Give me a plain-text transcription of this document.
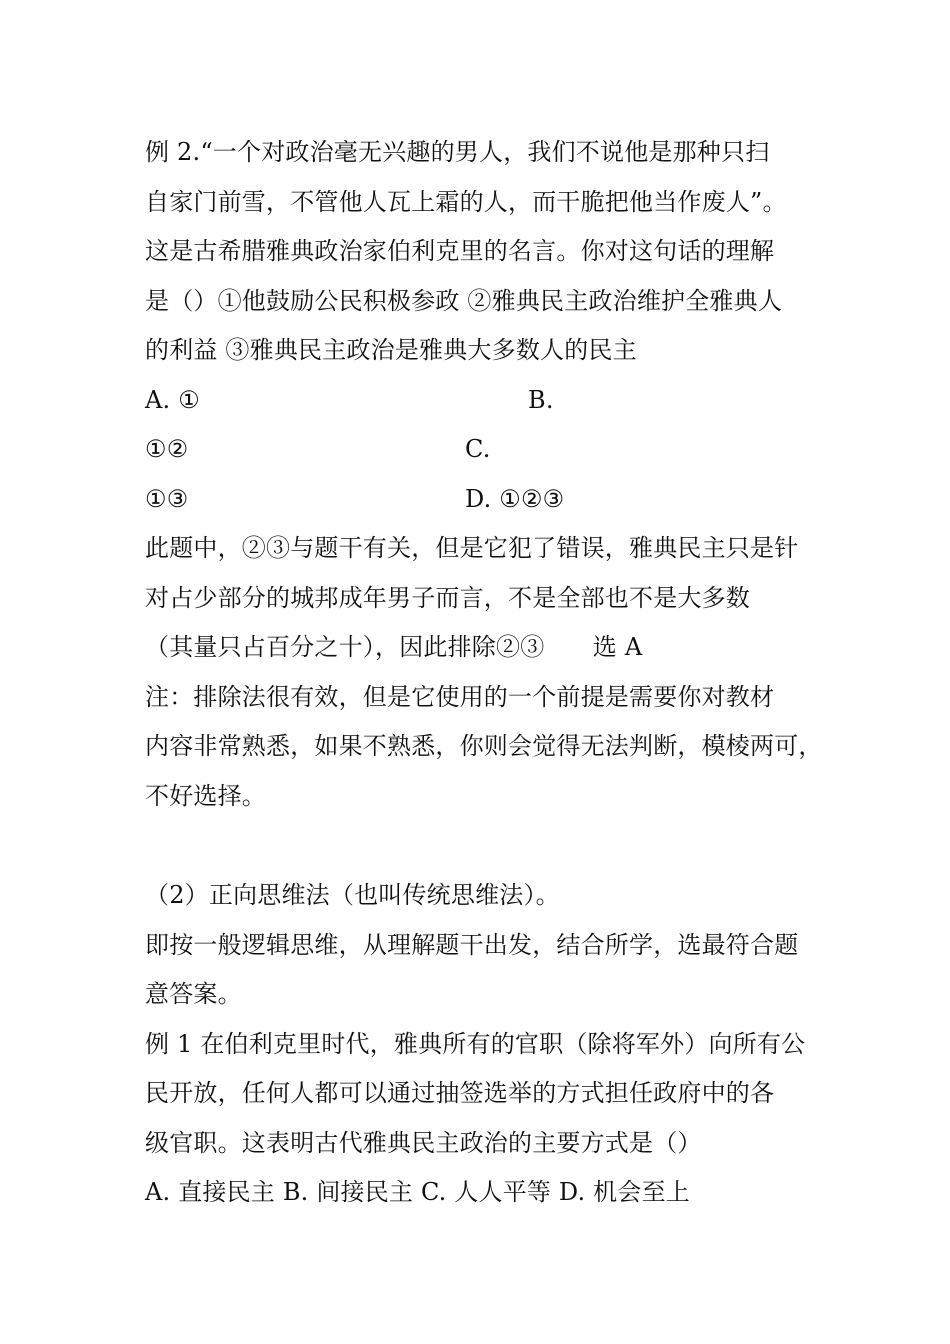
例 2.“一个对政治毫无兴趣的男人，我们不说他是那种只扫
自家门前雪，不管他人瓦上霜的人，而干脆把他当作废人”。
这是古希腊雅典政治家伯利克里的名言。你对这句话的理解
是（）①他鼓励公民积极参政 ②雅典民主政治维护全雅典人
的利益 ③雅典民主政治是雅典大多数人的民主
A. ①	B.
①②	C.
①③	D. ①②③
此题中，②③与题干有关，但是它犯了错误，雅典民主只是针
对占少部分的城邦成年男子而言，不是全部也不是大多数
（其量只占百分之十），因此排除②③　　选 A
注：排除法很有效，但是它使用的一个前提是需要你对教材
内容非常熟悉，如果不熟悉，你则会觉得无法判断，模棱两可，
不好选择。
（2）正向思维法（也叫传统思维法）。
即按一般逻辑思维，从理解题干出发，结合所学，选最符合题
意答案。
例 1 在伯利克里时代，雅典所有的官职（除将军外）向所有公
民开放，任何人都可以通过抽签选举的方式担任政府中的各
级官职。这表明古代雅典民主政治的主要方式是（）
A. 直接民主 B. 间接民主 C. 人人平等 D. 机会至上
